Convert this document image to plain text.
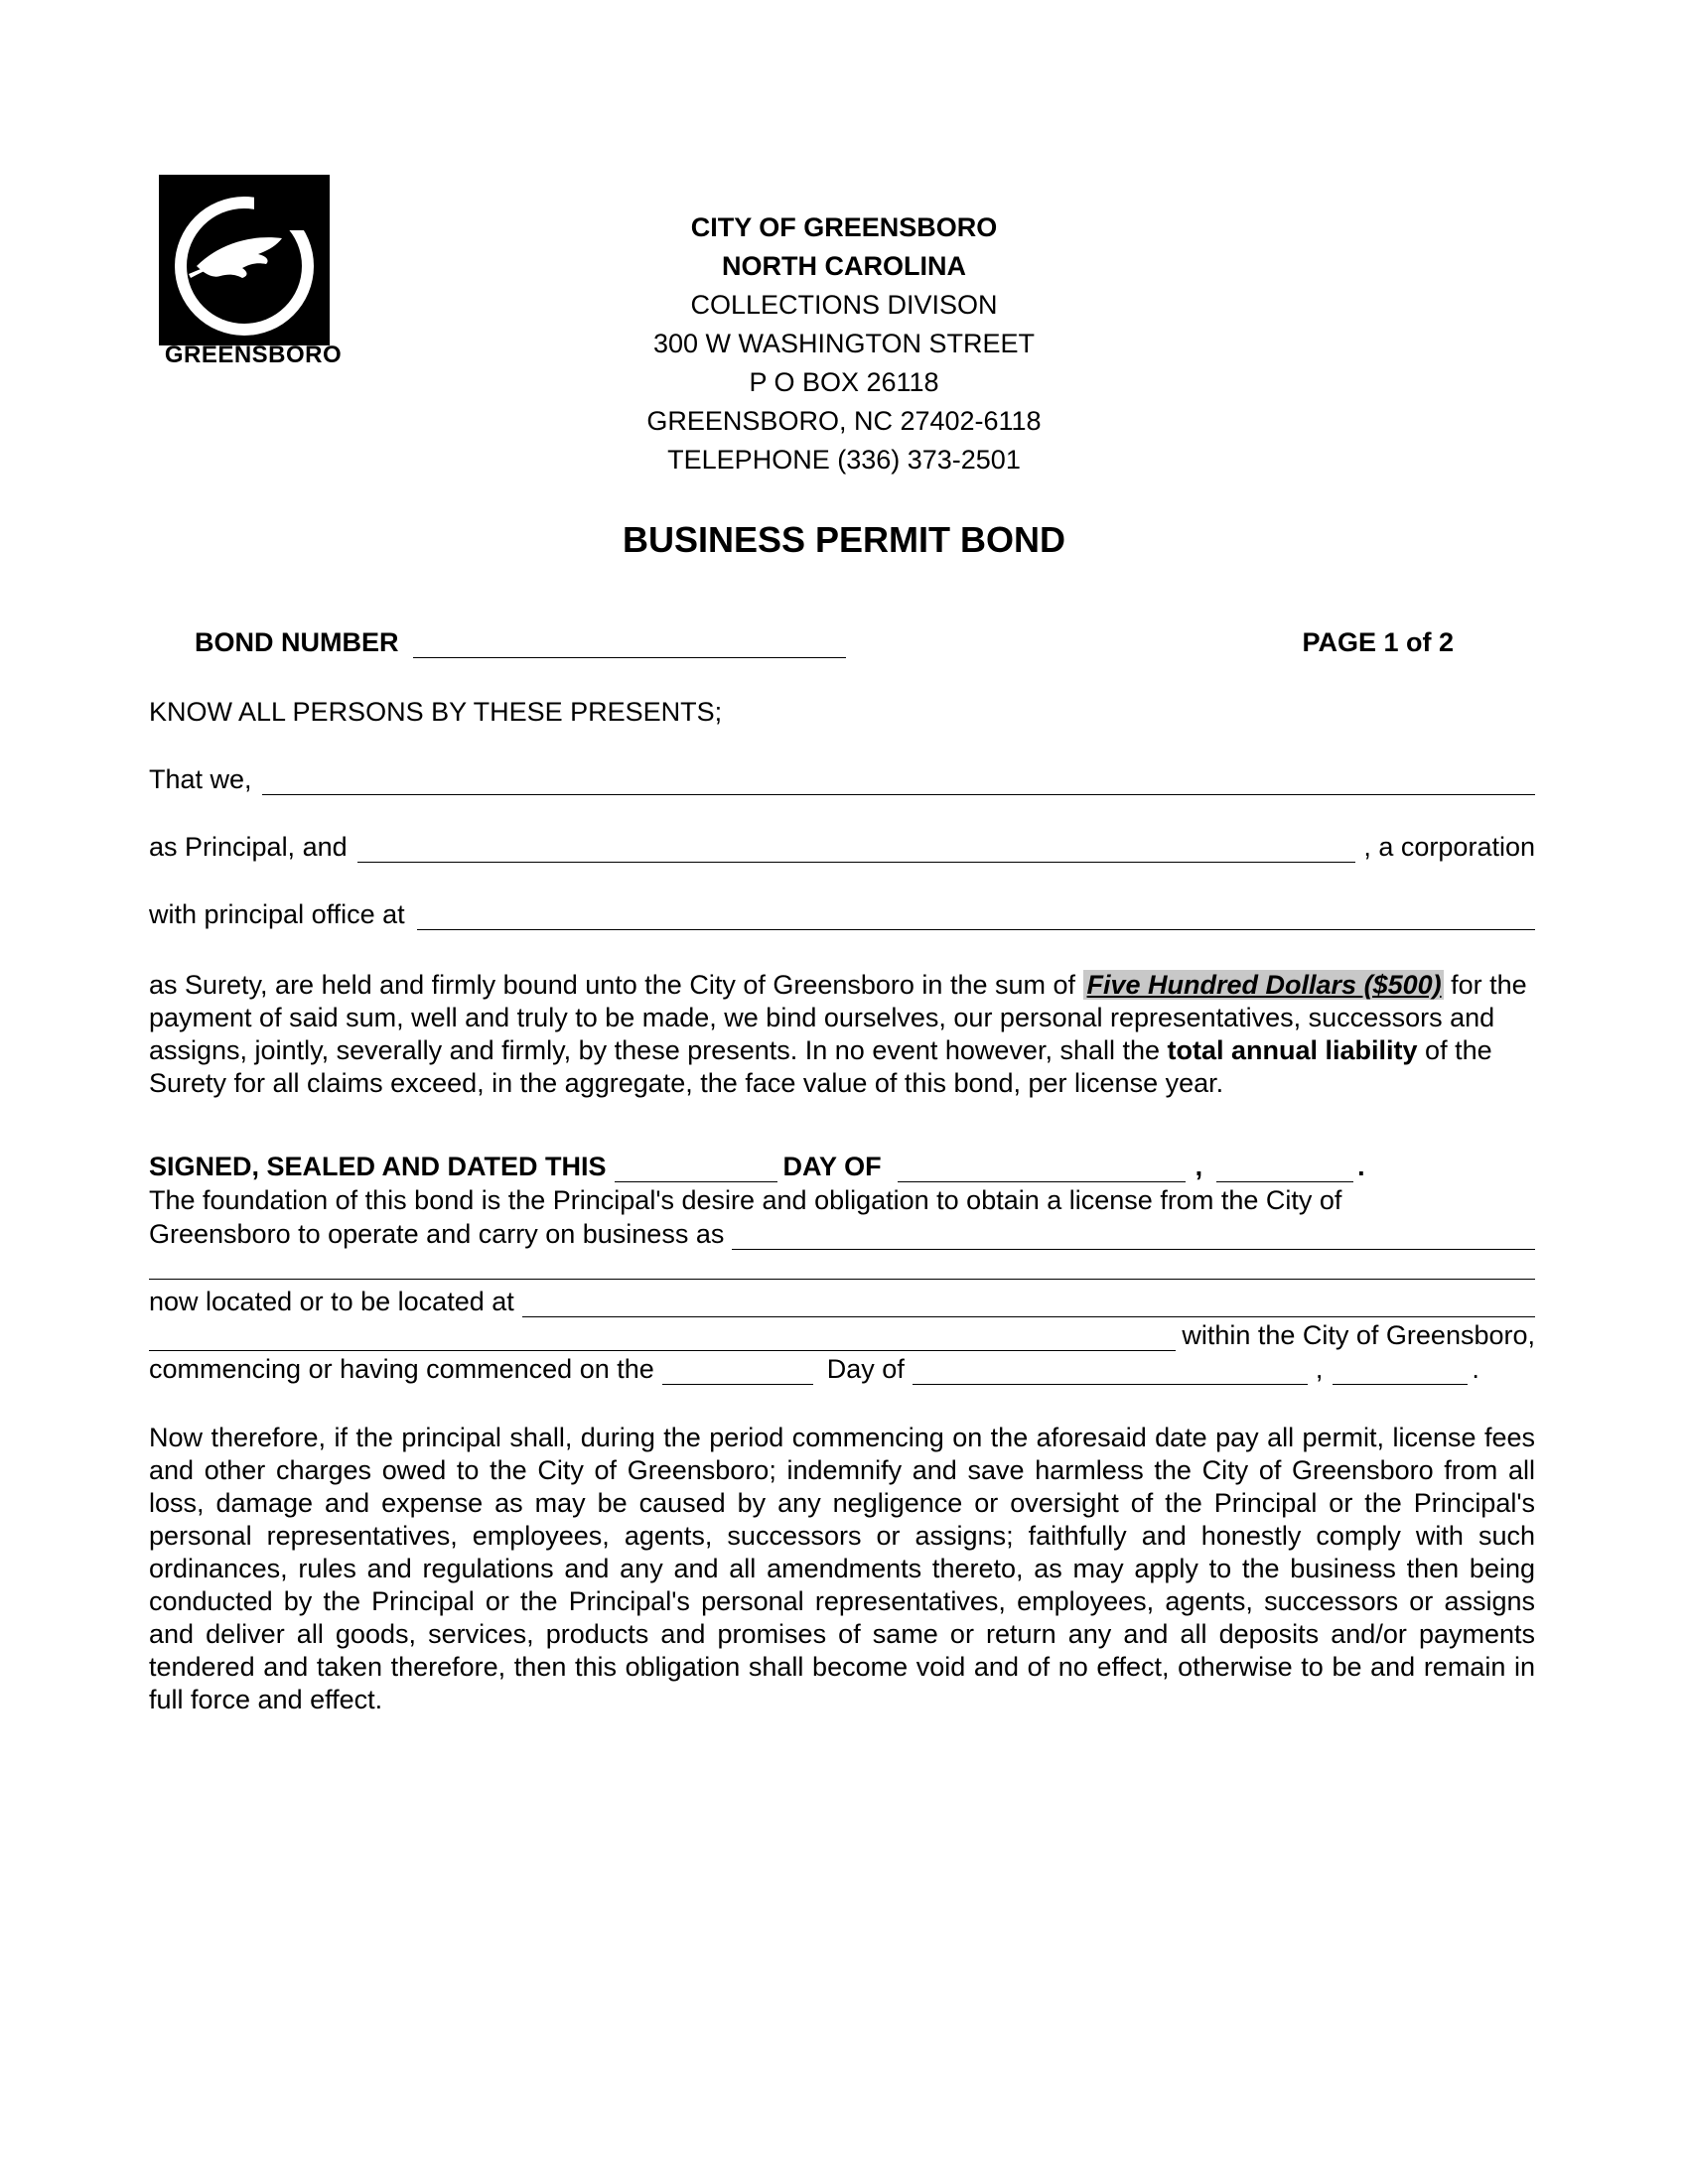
GREENSBORO
CITY OF GREENSBORO
NORTH CAROLINA
COLLECTIONS DIVISON
300 W WASHINGTON STREET
P O BOX 26118
GREENSBORO, NC 27402-6118
TELEPHONE (336) 373-2501
BUSINESS PERMIT BOND
BOND NUMBER	PAGE 1 of 2
KNOW ALL PERSONS BY THESE PRESENTS;
That we,
as Principal, and	, a corporation
with principal office at
as Surety, are held and firmly bound unto the City of Greensboro in the sum of Five Hundred Dollars ($500) for the payment of said sum, well and truly to be made, we bind ourselves, our personal representatives, successors and assigns, jointly, severally and firmly, by these presents. In no event however, shall the total annual liability of the Surety for all claims exceed, in the aggregate, the face value of this bond, per license year.
SIGNED, SEALED AND DATED THIS	DAY OF	,	.
The foundation of this bond is the Principal's desire and obligation to obtain a license from the City of
Greensboro to operate and carry on business as
now located or to be located at
within the City of Greensboro,
commencing or having commenced on the	Day of	,	.
Now therefore, if the principal shall, during the period commencing on the aforesaid date pay all permit, license fees and other charges owed to the City of Greensboro; indemnify and save harmless the City of Greensboro from all loss, damage and expense as may be caused by any negligence or oversight of the Principal or the Principal's personal representatives, employees, agents, successors or assigns; faithfully and honestly comply with such ordinances, rules and regulations and any and all amendments thereto, as may apply to the business then being conducted by the Principal or the Principal's personal representatives, employees, agents, successors or assigns and deliver all goods, services, products and promises of same or return any and all deposits and/or payments tendered and taken therefore, then this obligation shall become void and of no effect, otherwise to be and remain in full force and effect.
